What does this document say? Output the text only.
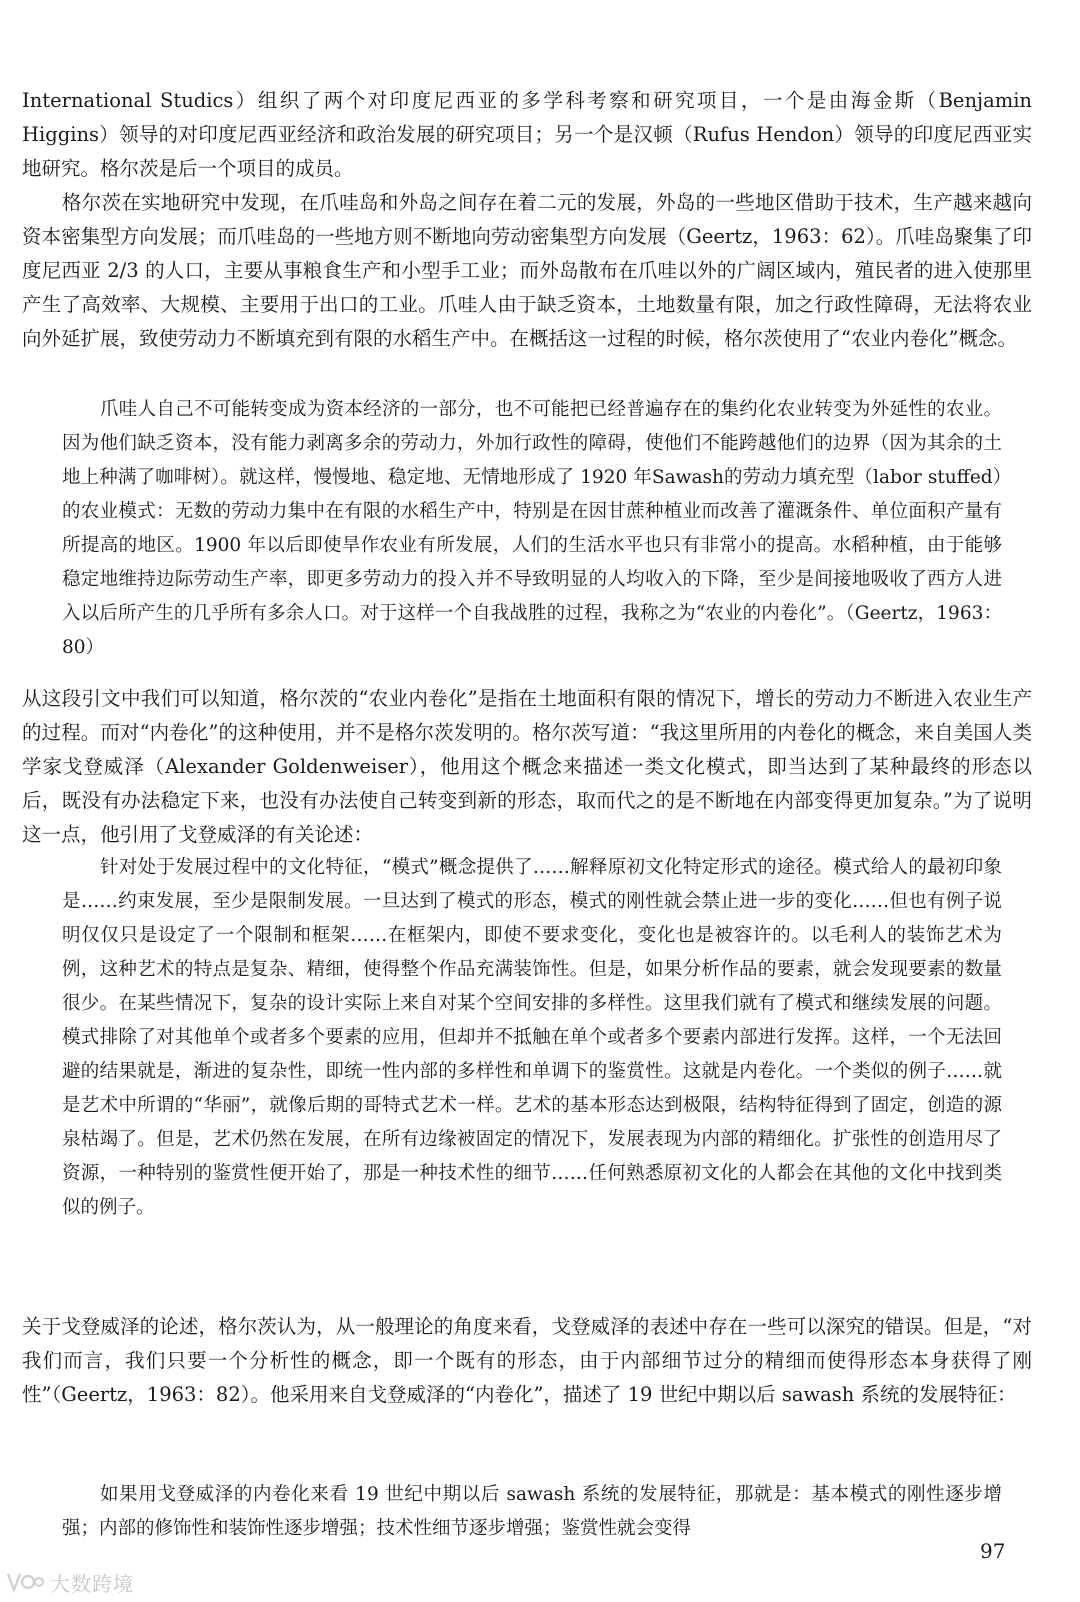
International Studics）组织了两个对印度尼西亚的多学科考察和研究项目，一个是由海金斯（Benjamin Higgins）领导的对印度尼西亚经济和政治发展的研究项目；另一个是汉顿（Rufus Hendon）领导的印度尼西亚实地研究。格尔茨是后一个项目的成员。

格尔茨在实地研究中发现，在爪哇岛和外岛之间存在着二元的发展，外岛的一些地区借助于技术，生产越来越向资本密集型方向发展；而爪哇岛的一些地方则不断地向劳动密集型方向发展（Geertz，1963：62）。爪哇岛聚集了印度尼西亚 2/3 的人口，主要从事粮食生产和小型手工业；而外岛散布在爪哇以外的广阔区域内，殖民者的进入使那里产生了高效率、大规模、主要用于出口的工业。爪哇人由于缺乏资本，土地数量有限，加之行政性障碍，无法将农业向外延扩展，致使劳动力不断填充到有限的水稻生产中。在概括这一过程的时候，格尔茨使用了“农业内卷化”概念。

爪哇人自己不可能转变成为资本经济的一部分，也不可能把已经普遍存在的集约化农业转变为外延性的农业。因为他们缺乏资本，没有能力剥离多余的劳动力，外加行政性的障碍，使他们不能跨越他们的边界（因为其余的土地上种满了咖啡树）。就这样，慢慢地、稳定地、无情地形成了 1920 年Sawash的劳动力填充型（labor stuffed）的农业模式：无数的劳动力集中在有限的水稻生产中，特别是在因甘蔗种植业而改善了灌溉条件、单位面积产量有所提高的地区。1900 年以后即使旱作农业有所发展，人们的生活水平也只有非常小的提高。水稻种植，由于能够稳定地维持边际劳动生产率，即更多劳动力的投入并不导致明显的人均收入的下降，至少是间接地吸收了西方人进入以后所产生的几乎所有多余人口。对于这样一个自我战胜的过程，我称之为“农业的内卷化”。（Geertz，1963：80）

从这段引文中我们可以知道，格尔茨的“农业内卷化”是指在土地面积有限的情况下，增长的劳动力不断进入农业生产的过程。而对“内卷化”的这种使用，并不是格尔茨发明的。格尔茨写道：“我这里所用的内卷化的概念，来自美国人类学家戈登威泽（Alexander Goldenweiser），他用这个概念来描述一类文化模式，即当达到了某种最终的形态以后，既没有办法稳定下来，也没有办法使自己转变到新的形态，取而代之的是不断地在内部变得更加复杂。”为了说明这一点，他引用了戈登威泽的有关论述：

针对处于发展过程中的文化特征，“模式”概念提供了……解释原初文化特定形式的途径。模式给人的最初印象是……约束发展，至少是限制发展。一旦达到了模式的形态，模式的刚性就会禁止进一步的变化……但也有例子说明仅仅只是设定了一个限制和框架……在框架内，即使不要求变化，变化也是被容许的。以毛利人的装饰艺术为例，这种艺术的特点是复杂、精细，使得整个作品充满装饰性。但是，如果分析作品的要素，就会发现要素的数量很少。在某些情况下，复杂的设计实际上来自对某个空间安排的多样性。这里我们就有了模式和继续发展的问题。模式排除了对其他单个或者多个要素的应用，但却并不抵触在单个或者多个要素内部进行发挥。这样，一个无法回避的结果就是，渐进的复杂性，即统一性内部的多样性和单调下的鉴赏性。这就是内卷化。一个类似的例子……就是艺术中所谓的“华丽”，就像后期的哥特式艺术一样。艺术的基本形态达到极限，结构特征得到了固定，创造的源泉枯竭了。但是，艺术仍然在发展，在所有边缘被固定的情况下，发展表现为内部的精细化。扩张性的创造用尽了资源，一种特别的鉴赏性便开始了，那是一种技术性的细节……任何熟悉原初文化的人都会在其他的文化中找到类似的例子。

关于戈登威泽的论述，格尔茨认为，从一般理论的角度来看，戈登威泽的表述中存在一些可以深究的错误。但是，“对我们而言，我们只要一个分析性的概念，即一个既有的形态，由于内部细节过分的精细而使得形态本身获得了刚性”（Geertz，1963：82）。他采用来自戈登威泽的“内卷化”，描述了 19 世纪中期以后 sawash 系统的发展特征：

如果用戈登威泽的内卷化来看 19 世纪中期以后 sawash 系统的发展特征，那就是：基本模式的刚性逐步增强；内部的修饰性和装饰性逐步增强；技术性细节逐步增强；鉴赏性就会变得

97
大数跨境
